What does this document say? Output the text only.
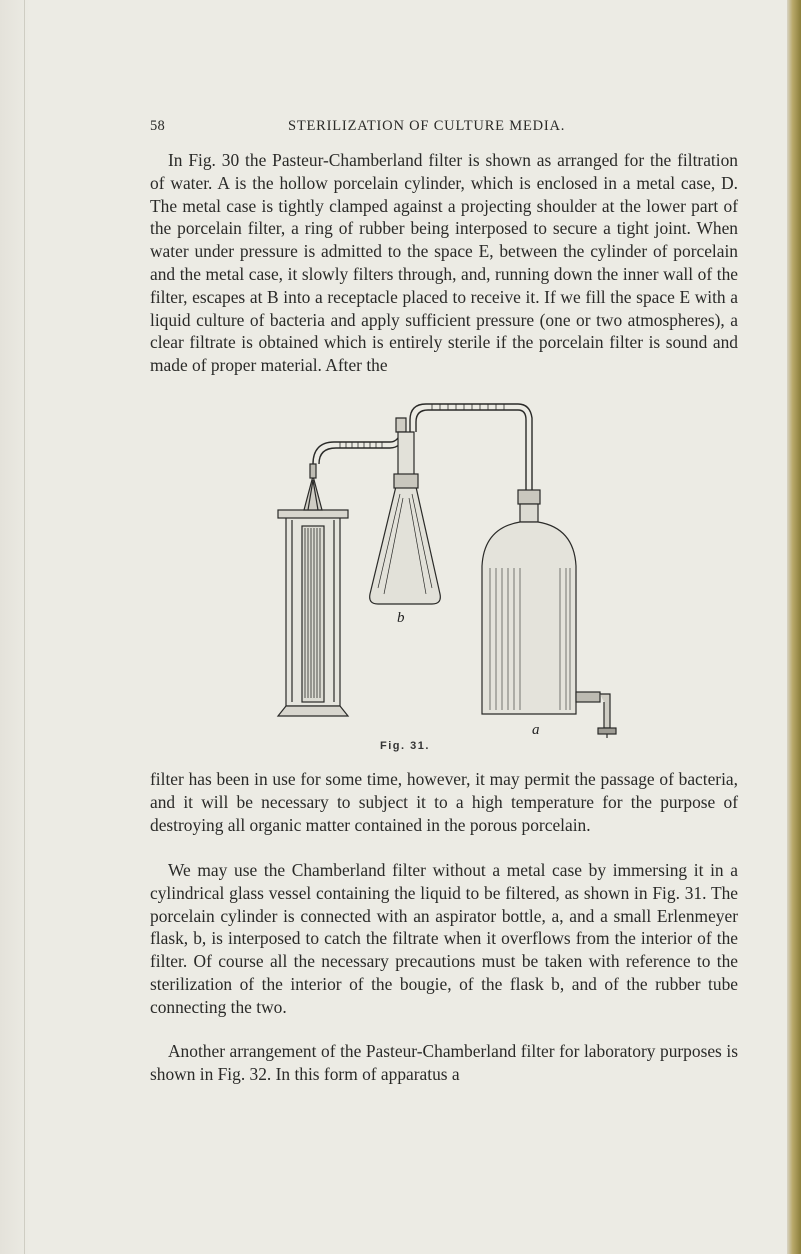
58	STERILIZATION OF CULTURE MEDIA.

In Fig. 30 the Pasteur-Chamberland filter is shown as arranged for the filtration of water. A is the hollow porcelain cylinder, which is enclosed in a metal case, D. The metal case is tightly clamped against a projecting shoulder at the lower part of the porcelain filter, a ring of rubber being interposed to secure a tight joint. When water under pressure is admitted to the space E, between the cylinder of porcelain and the metal case, it slowly filters through, and, running down the inner wall of the filter, escapes at B into a receptacle placed to receive it. If we fill the space E with a liquid culture of bacteria and apply sufficient pressure (one or two atmospheres), a clear filtrate is obtained which is entirely sterile if the porcelain filter is sound and made of proper material. After the

b
a
Fig. 31.

filter has been in use for some time, however, it may permit the passage of bacteria, and it will be necessary to subject it to a high temperature for the purpose of destroying all organic matter contained in the porous porcelain.

We may use the Chamberland filter without a metal case by immersing it in a cylindrical glass vessel containing the liquid to be filtered, as shown in Fig. 31. The porcelain cylinder is connected with an aspirator bottle, a, and a small Erlenmeyer flask, b, is interposed to catch the filtrate when it overflows from the interior of the filter. Of course all the necessary precautions must be taken with reference to the sterilization of the interior of the bougie, of the flask b, and of the rubber tube connecting the two.

Another arrangement of the Pasteur-Chamberland filter for laboratory purposes is shown in Fig. 32. In this form of apparatus a
